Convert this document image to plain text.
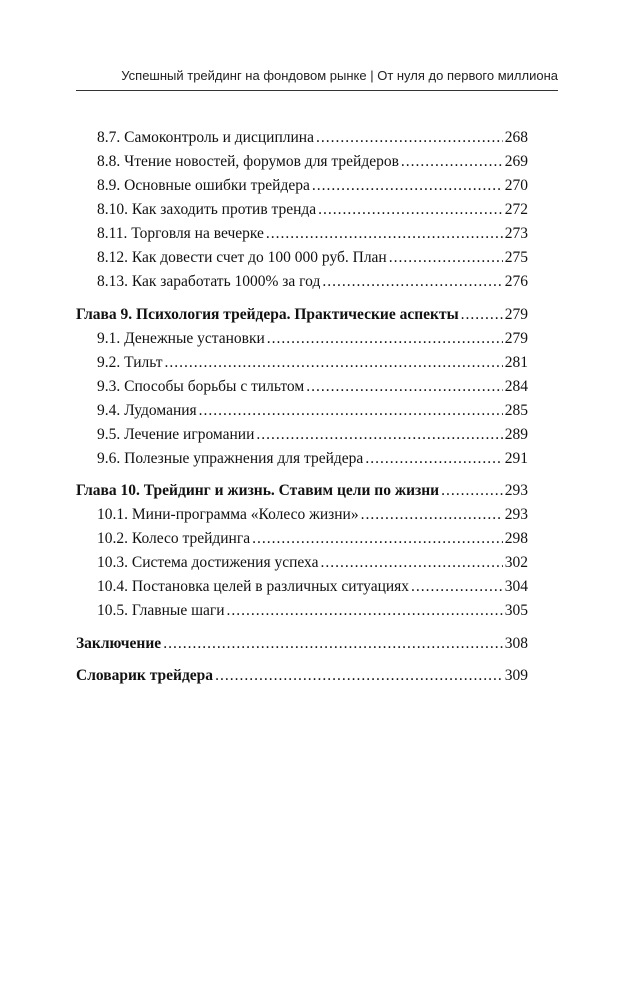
Успешный трейдинг на фондовом рынке | От нуля до первого миллиона
8.7. Самоконтроль и дисциплина .....	268
8.8. Чтение новостей, форумов для трейдеров .....	269
8.9. Основные ошибки трейдера .....	270
8.10. Как заходить против тренда .....	272
8.11. Торговля на вечерке .....	273
8.12. Как довести счет до 100 000 руб. План .....	275
8.13. Как заработать 1000% за год .....	276
Глава 9. Психология трейдера. Практические аспекты .....	279
9.1. Денежные установки .....	279
9.2. Тильт .....	281
9.3. Способы борьбы с тильтом .....	284
9.4. Лудомания .....	285
9.5. Лечение игромании .....	289
9.6. Полезные упражнения для трейдера .....	291
Глава 10. Трейдинг и жизнь. Ставим цели по жизни .....	293
10.1. Мини-программа «Колесо жизни» .....	293
10.2. Колесо трейдинга .....	298
10.3. Система достижения успеха .....	302
10.4. Постановка целей в различных ситуациях .....	304
10.5. Главные шаги .....	305
Заключение .....	308
Словарик трейдера .....	309
